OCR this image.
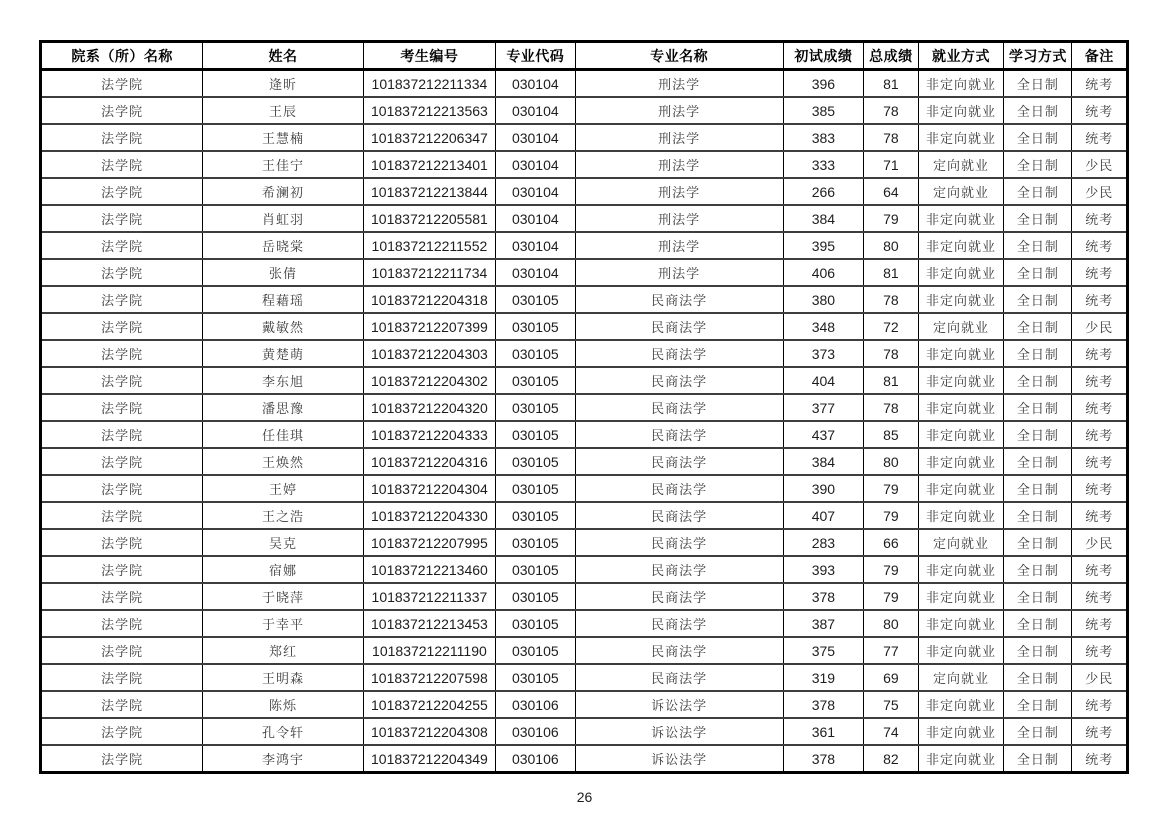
院系（所）名称	姓名	考生编号	专业代码	专业名称	初试成绩	总成绩	就业方式	学习方式	备注
法学院	逄昕	101837212211334	030104	刑法学	396	81	非定向就业	全日制	统考
法学院	王辰	101837212213563	030104	刑法学	385	78	非定向就业	全日制	统考
法学院	王慧楠	101837212206347	030104	刑法学	383	78	非定向就业	全日制	统考
法学院	王佳宁	101837212213401	030104	刑法学	333	71	定向就业	全日制	少民
法学院	希澜初	101837212213844	030104	刑法学	266	64	定向就业	全日制	少民
法学院	肖虹羽	101837212205581	030104	刑法学	384	79	非定向就业	全日制	统考
法学院	岳晓棠	101837212211552	030104	刑法学	395	80	非定向就业	全日制	统考
法学院	张倩	101837212211734	030104	刑法学	406	81	非定向就业	全日制	统考
法学院	程藉瑶	101837212204318	030105	民商法学	380	78	非定向就业	全日制	统考
法学院	戴敏然	101837212207399	030105	民商法学	348	72	定向就业	全日制	少民
法学院	黄楚萌	101837212204303	030105	民商法学	373	78	非定向就业	全日制	统考
法学院	李东旭	101837212204302	030105	民商法学	404	81	非定向就业	全日制	统考
法学院	潘思豫	101837212204320	030105	民商法学	377	78	非定向就业	全日制	统考
法学院	任佳琪	101837212204333	030105	民商法学	437	85	非定向就业	全日制	统考
法学院	王焕然	101837212204316	030105	民商法学	384	80	非定向就业	全日制	统考
法学院	王婷	101837212204304	030105	民商法学	390	79	非定向就业	全日制	统考
法学院	王之浩	101837212204330	030105	民商法学	407	79	非定向就业	全日制	统考
法学院	吴克	101837212207995	030105	民商法学	283	66	定向就业	全日制	少民
法学院	宿娜	101837212213460	030105	民商法学	393	79	非定向就业	全日制	统考
法学院	于晓萍	101837212211337	030105	民商法学	378	79	非定向就业	全日制	统考
法学院	于幸平	101837212213453	030105	民商法学	387	80	非定向就业	全日制	统考
法学院	郑红	101837212211190	030105	民商法学	375	77	非定向就业	全日制	统考
法学院	王明森	101837212207598	030105	民商法学	319	69	定向就业	全日制	少民
法学院	陈烁	101837212204255	030106	诉讼法学	378	75	非定向就业	全日制	统考
法学院	孔令轩	101837212204308	030106	诉讼法学	361	74	非定向就业	全日制	统考
法学院	李鸿宇	101837212204349	030106	诉讼法学	378	82	非定向就业	全日制	统考
26
